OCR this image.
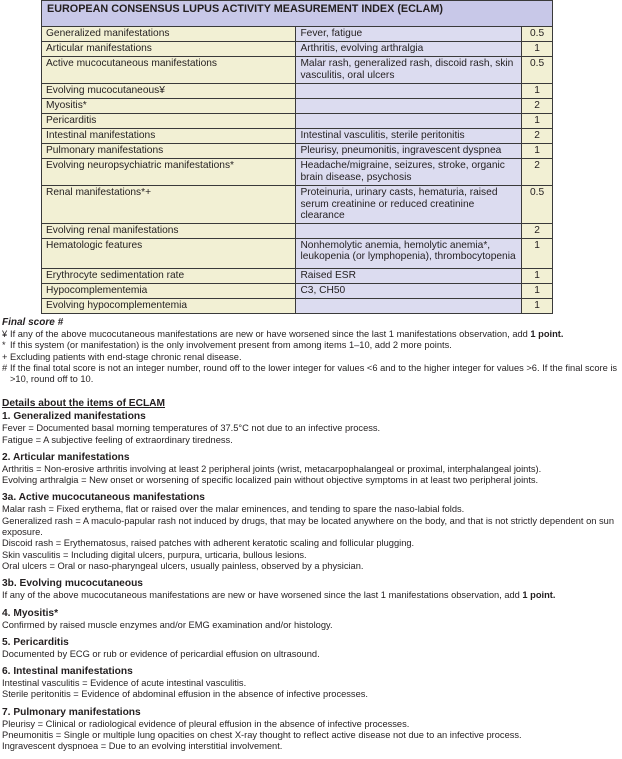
EUROPEAN CONSENSUS LUPUS ACTIVITY MEASUREMENT INDEX (ECLAM)		
Generalized manifestations	Fever, fatigue	0.5
Articular manifestations	Arthritis, evolving arthralgia	1
Active mucocutaneous manifestations	Malar rash, generalized rash, discoid rash, skin vasculitis, oral ulcers	0.5
Evolving mucocutaneous¥		1
Myositis*		2
Pericarditis		1
Intestinal manifestations	Intestinal vasculitis, sterile peritonitis	2
Pulmonary manifestations	Pleurisy, pneumonitis, ingravescent dyspnea	1
Evolving neuropsychiatric manifestations*	Headache/migraine, seizures, stroke, organic brain disease, psychosis	2
Renal manifestations*+	Proteinuria, urinary casts, hematuria, raised serum creatinine or reduced creatinine clearance	0.5
Evolving renal manifestations		2
Hematologic features	Nonhemolytic anemia, hemolytic anemia*, leukopenia (or lymphopenia), thrombocytopenia	1
Erythrocyte sedimentation rate	Raised ESR	1
Hypocomplementemia	C3, CH50	1
Evolving hypocomplementemia		1
Final score #
¥ If any of the above mucocutaneous manifestations are new or have worsened since the last 1 manifestations observation, add 1 point.
* If this system (or manifestation) is the only involvement present from among items 1–10, add 2 more points.
+ Excluding patients with end-stage chronic renal disease.
# If the final total score is not an integer number, round off to the lower integer for values <6 and to the higher integer for values >6. If the final score is >10, round off to 10.
Details about the items of ECLAM
1. Generalized manifestations
Fever = Documented basal morning temperatures of 37.5°C not due to an infective process.
Fatigue = A subjective feeling of extraordinary tiredness.
2. Articular manifestations
Arthritis = Non-erosive arthritis involving at least 2 peripheral joints (wrist, metacarpophalangeal or proximal, interphalangeal joints).
Evolving arthralgia = New onset or worsening of specific localized pain without objective symptoms in at least two peripheral joints.
3a. Active mucocutaneous manifestations
Malar rash = Fixed erythema, flat or raised over the malar eminences, and tending to spare the naso-labial folds.
Generalized rash = A maculo-papular rash not induced by drugs, that may be located anywhere on the body, and that is not strictly dependent on sun exposure.
Discoid rash = Erythematosus, raised patches with adherent keratotic scaling and follicular plugging.
Skin vasculitis = Including digital ulcers, purpura, urticaria, bullous lesions.
Oral ulcers = Oral or naso-pharyngeal ulcers, usually painless, observed by a physician.
3b. Evolving mucocutaneous
If any of the above mucocutaneous manifestations are new or have worsened since the last 1 manifestations observation, add 1 point.
4. Myositis*
Confirmed by raised muscle enzymes and/or EMG examination and/or histology.
5. Pericarditis
Documented by ECG or rub or evidence of pericardial effusion on ultrasound.
6. Intestinal manifestations
Intestinal vasculitis = Evidence of acute intestinal vasculitis.
Sterile peritonitis = Evidence of abdominal effusion in the absence of infective processes.
7. Pulmonary manifestations
Pleurisy = Clinical or radiological evidence of pleural effusion in the absence of infective processes.
Pneumonitis = Single or multiple lung opacities on chest X-ray thought to reflect active disease not due to an infective process.
Ingravescent dyspnoea = Due to an evolving interstitial involvement.
